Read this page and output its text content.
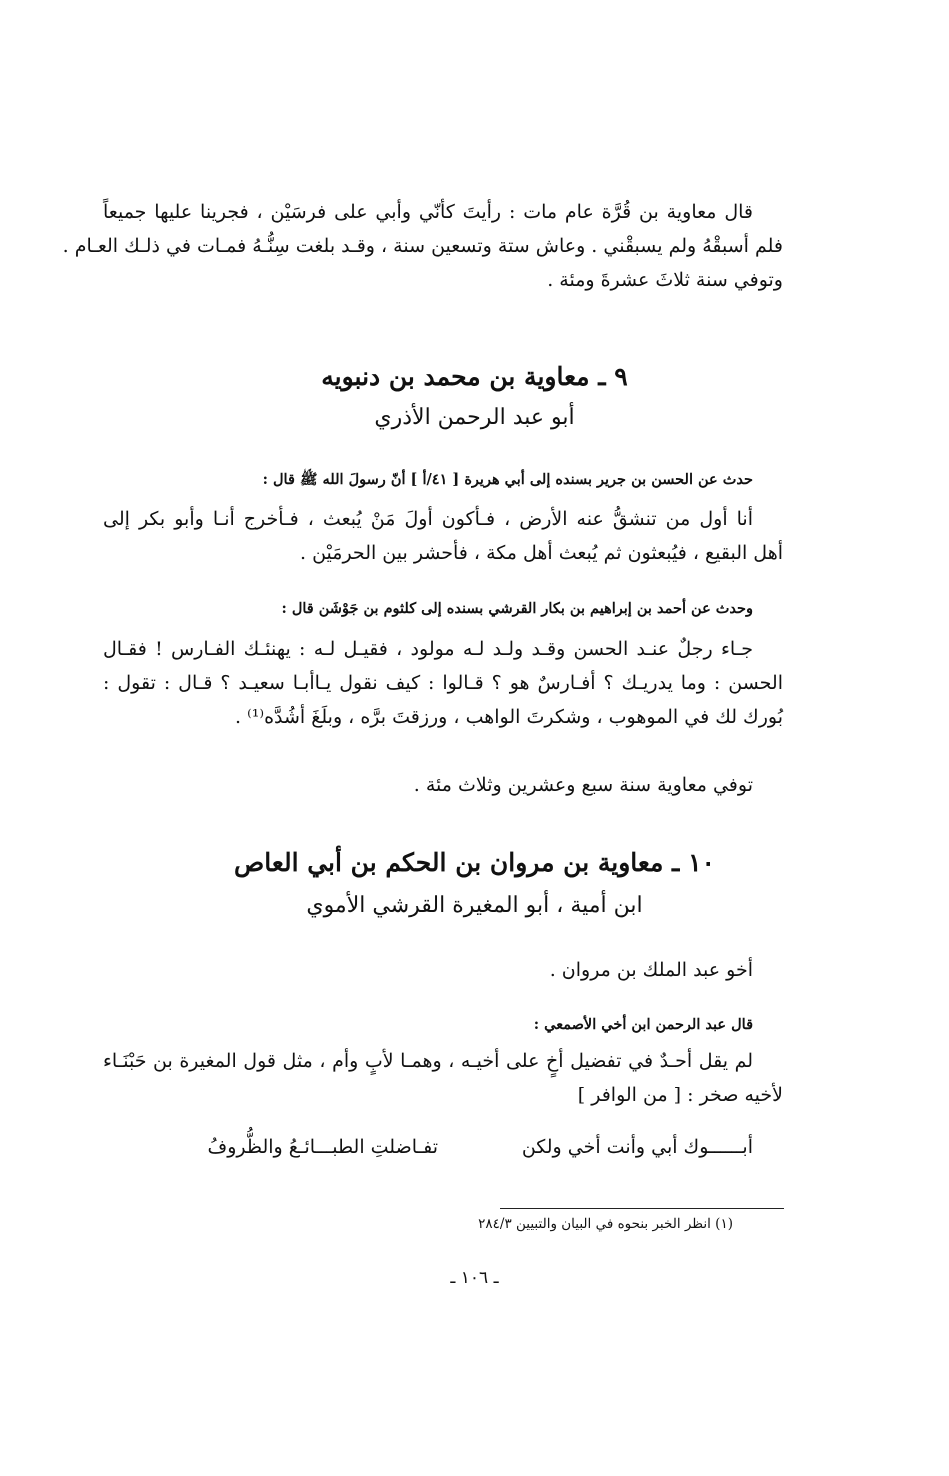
قال معاوية بن قُرَّة عام مات : رأيتَ كأنّي وأبي على فرسَيْن ، فجرينا عليها جميعاً
فلم أسبقْهُ ولم يسبقْني . وعاش ستة وتسعين سنة ، وقـد بلغت سِنُّـهُ فمـات في ذلـك العـام .
وتوفي سنة ثلاثَ عشرةَ ومئة .
٩ ـ معاوية بن محمد بن دنبويه
أبو عبد الرحمن الأذري
حدث عن الحسن بن جرير بسنده إلى أبي هريرة [ ٤١/أ ] أنّ رسولَ الله ﷺ قال :
أنا أول من تنشقُّ عنه الأرض ، فـأكون أولَ مَنْ يُبعث ، فـأخرج أنـا وأبو بكر إلى
أهل البقيع ، فيُبعثون ثم يُبعث أهل مكة ، فأحشر بين الحرمَيْن .
وحدث عن أحمد بن إبراهيم بن بكار القرشي بسنده إلى كلثوم بن جَوْشَن قال :
جـاء رجلٌ عنـد الحسن وقـد ولـد لـه مولود ، فقيـل لـه : يهنئـك الفـارس ! فقـال
الحسن : وما يدريـك ؟ أفـارسٌ هو ؟ قـالوا : كيف نقول يـاأبـا سعيـد ؟ قـال : تقول :
بُورك لك في الموهوب ، وشكرتَ الواهب ، ورزقتَ برَّه ، وبلَغَ أشُدَّه⁽¹⁾ .
توفي معاوية سنة سبع وعشرين وثلاث مئة .
١٠ ـ معاوية بن مروان بن الحكم بن أبي العاص
ابن أمية ، أبو المغيرة القرشي الأموي
أخو عبد الملك بن مروان .
قال عبد الرحمن ابن أخي الأصمعي :
لم يقل أحـدٌ في تفضيل أخٍ على أخيـه ، وهمـا لأبٍ وأم ، مثل قول المغيرة بن حَبْنَـاء
لأخيه صخر : [ من الوافر ]
أبــــــوك أبي وأنت أخي ولكن
تفـاضلتِ الطبـــائـعُ والظُّروفُ
(١) انظر الخبر بنحوه في البيان والتبيين ٢٨٤/٣
ـ ١٠٦ ـ
